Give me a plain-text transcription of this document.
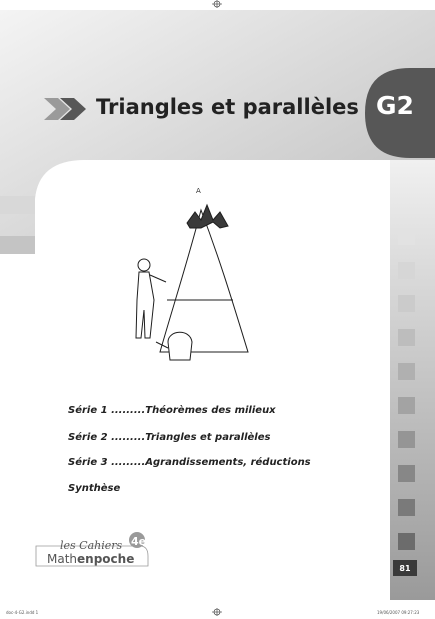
Triangles et parallèles G2
A
Série 1 .........Théorèmes des milieux
Série 2 .........Triangles et parallèles
Série 3 .........Agrandissements, réductions
Synthèse
les Cahiers
Mathenpoche
4e
81
doc-4-G2.indd 1	19/06/2007 09:27:23
